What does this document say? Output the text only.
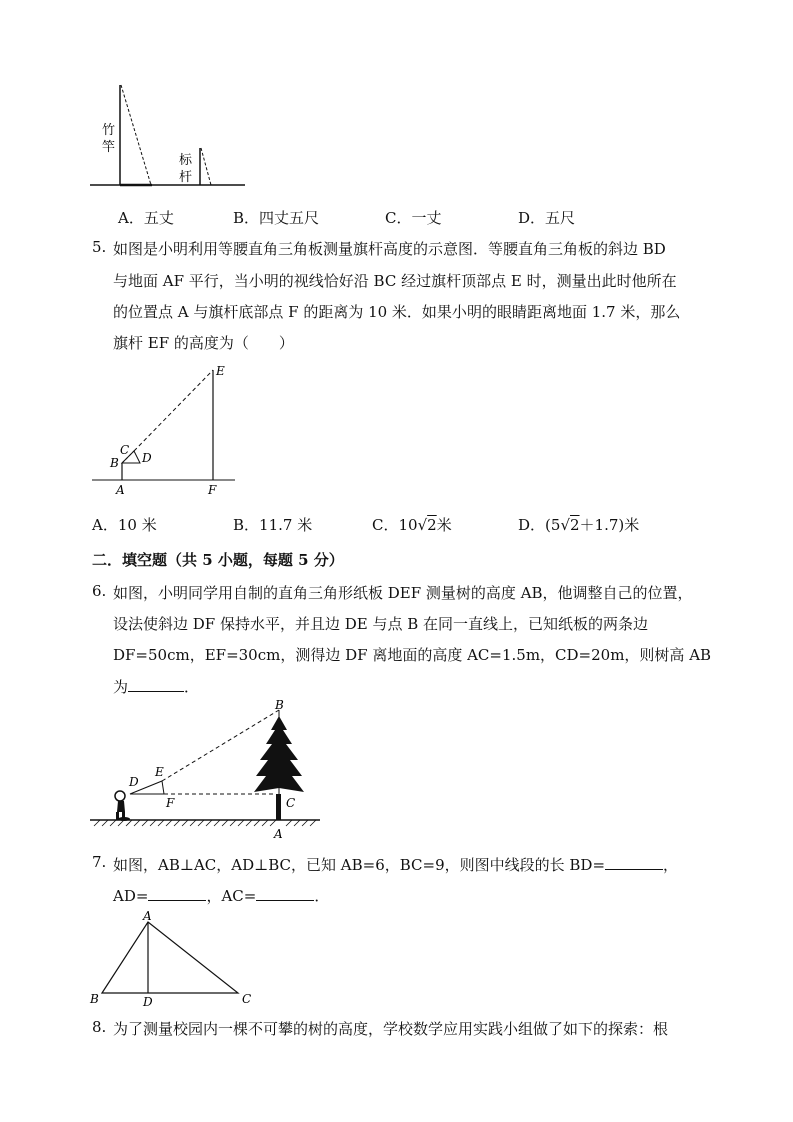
竹
竿
标
杆
A．五丈	B．四丈五尺	C．一丈	D．五尺
5. 如图是小明利用等腰直角三角板测量旗杆高度的示意图．等腰直角三角板的斜边 BD
与地面 AF 平行，当小明的视线恰好沿 BC 经过旗杆顶部点 E 时，测量出此时他所在
的位置点 A 与旗杆底部点 F 的距离为 10 米．如果小明的眼睛距离地面 1.7 米，那么
旗杆 EF 的高度为（　　）
E
C
B D
A	F
A．10 米	B．11.7 米	C．10√2米	D．(5√2＋1.7)米
二．填空题（共 5 小题，每题 5 分）
6. 如图，小明同学用自制的直角三角形纸板 DEF 测量树的高度 AB，他调整自己的位置，
设法使斜边 DF 保持水平，并且边 DE 与点 B 在同一直线上，已知纸板的两条边
DF=50cm，EF=30cm，测得边 DF 离地面的高度 AC=1.5m，CD=20m，则树高 AB
为	．
B
D
E
F	C
A
7. 如图，AB⊥AC，AD⊥BC，已知 AB=6，BC=9，则图中线段的长 BD=	，
AD=	，AC=	．
A
B	D	C
8. 为了测量校园内一棵不可攀的树的高度，学校数学应用实践小组做了如下的探索：根
